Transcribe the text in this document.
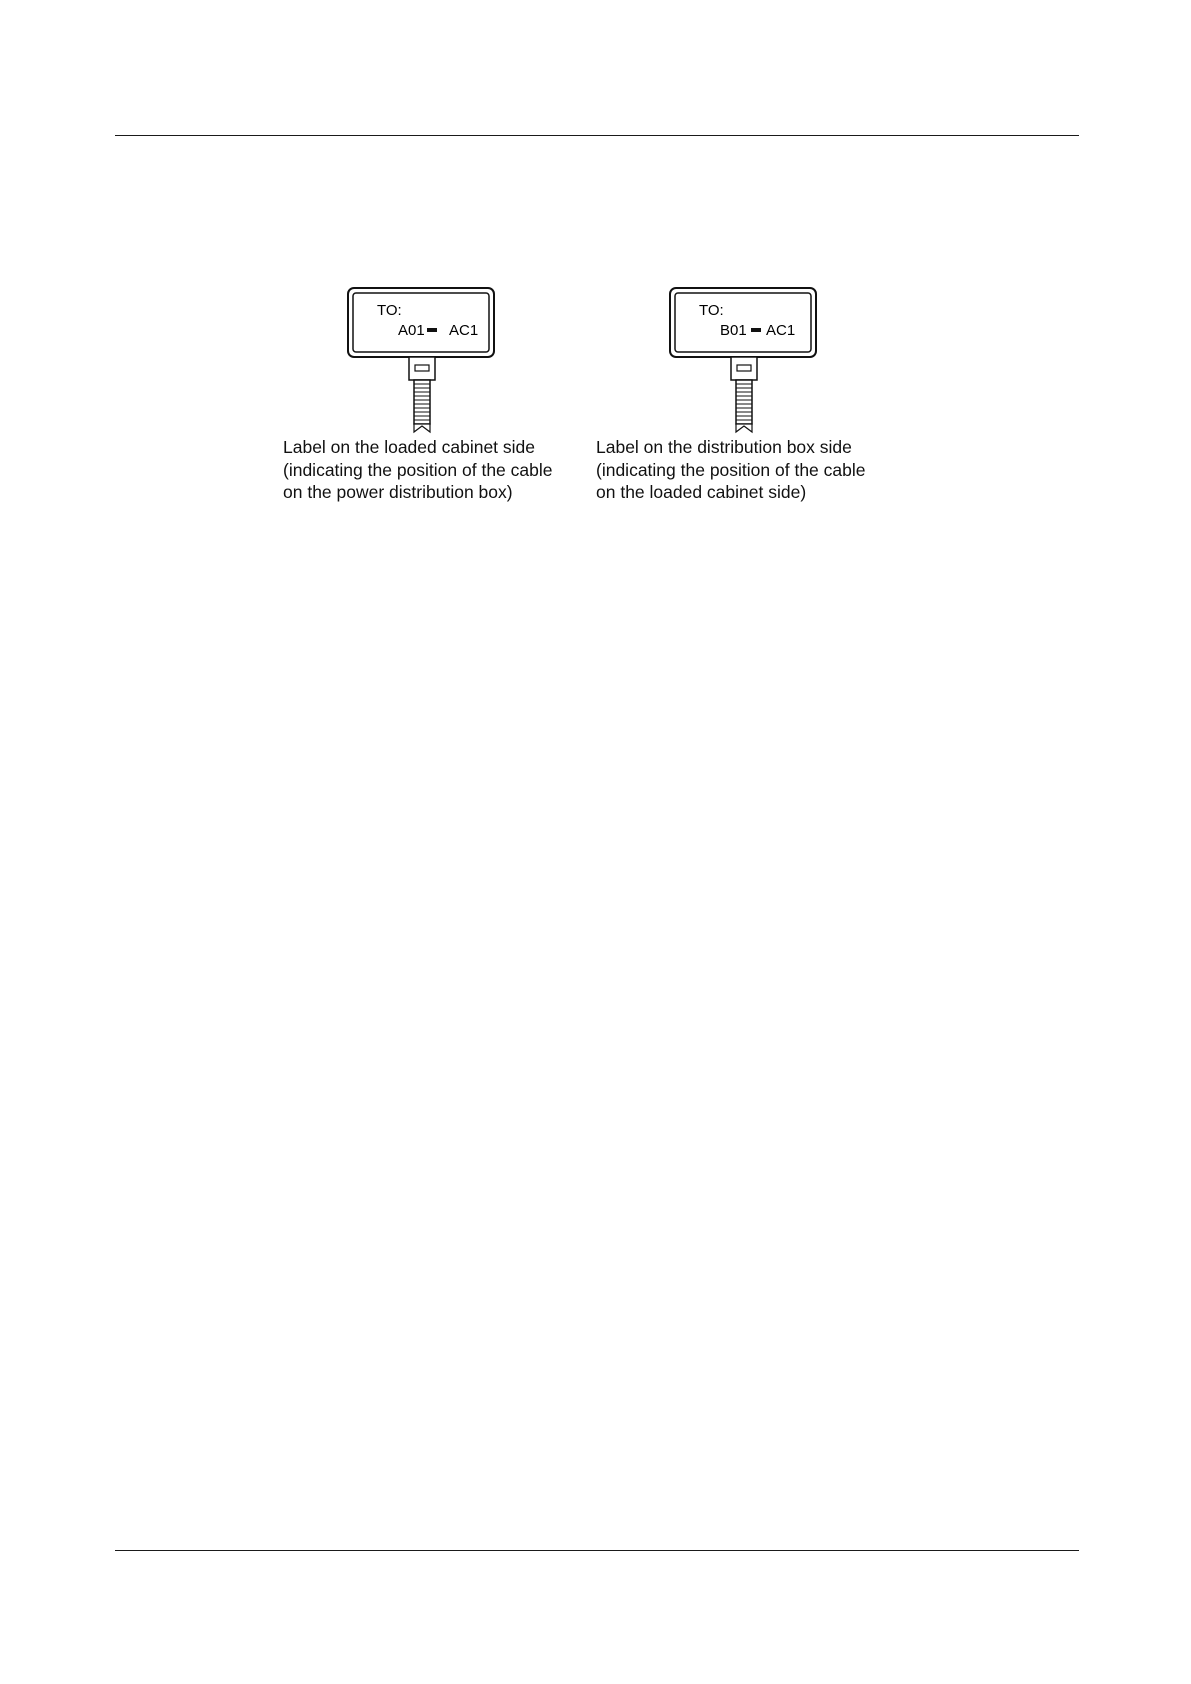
TO:
A01 AC1
Label on the loaded cabinet side
(indicating the position of the cable
on the power distribution box)
TO:
B01 AC1
Label on the distribution box side
(indicating the position of the cable
on the loaded cabinet side)
